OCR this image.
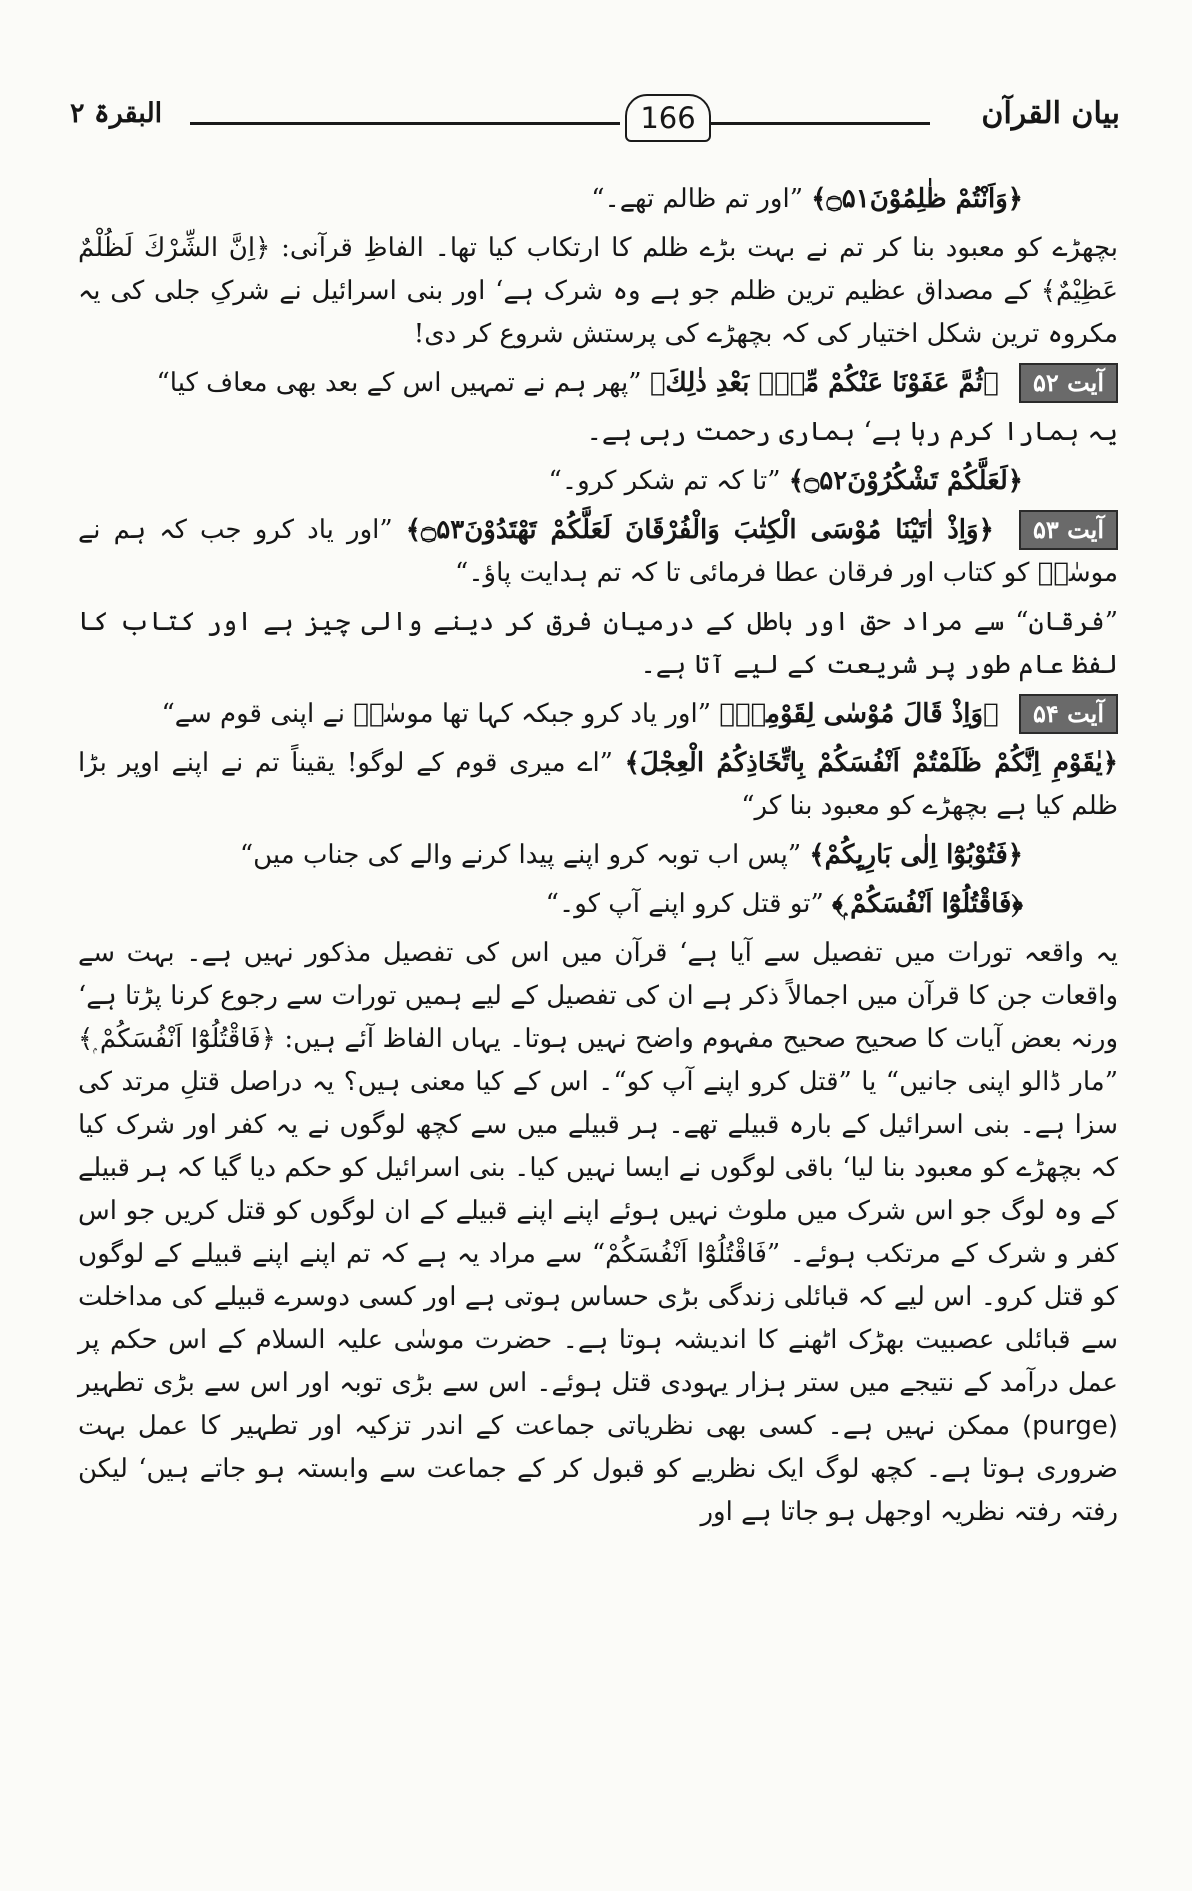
البقرۃ ۲	166	بیان القرآن

﴿وَاَنْتُمْ ظٰلِمُوْنَ۝۵۱﴾ ”اور تم ظالم تھے۔“

بچھڑے کو معبود بنا کر تم نے بہت بڑے ظلم کا ارتکاب کیا تھا۔ الفاظِ قرآنی: ﴿اِنَّ الشِّرْكَ لَظُلْمٌ عَظِيْمٌ﴾ کے مصداق عظیم ترین ظلم جو ہے وہ شرک ہے‘ اور بنی اسرائیل نے شرکِ جلی کی یہ مکروہ ترین شکل اختیار کی کہ بچھڑے کی پرستش شروع کر دی!

آیت ۵۲ ﴿ثُمَّ عَفَوْنَا عَنْكُمْ مِّنْۢ بَعْدِ ذٰلِكَ﴾ ”پھر ہم نے تمہیں اس کے بعد بھی معاف کیا“

یہ ہمارا کرم رہا ہے‘ ہماری رحمت رہی ہے۔

﴿لَعَلَّكُمْ تَشْكُرُوْنَ۝۵۲﴾ ”تا کہ تم شکر کرو۔“

آیت ۵۳ ﴿وَاِذْ اٰتَيْنَا مُوْسَى الْكِتٰبَ وَالْفُرْقَانَ لَعَلَّكُمْ تَهْتَدُوْنَ۝۵۳﴾ ”اور یاد کرو جب کہ ہم نے موسٰیؑ کو کتاب اور فرقان عطا فرمائی تا کہ تم ہدایت پاؤ۔“

”فرقان“ سے مراد حق اور باطل کے درمیان فرق کر دینے والی چیز ہے اور کتاب کا لفظ عام طور پر شریعت کے لیے آتا ہے۔

آیت ۵۴ ﴿وَاِذْ قَالَ مُوْسٰى لِقَوْمِهٖ﴾ ”اور یاد کرو جبکہ کہا تھا موسٰیؑ نے اپنی قوم سے“

﴿يٰقَوْمِ اِنَّكُمْ ظَلَمْتُمْ اَنْفُسَكُمْ بِاتِّخَاذِكُمُ الْعِجْلَ﴾ ”اے میری قوم کے لوگو! یقیناً تم نے اپنے اوپر بڑا ظلم کیا ہے بچھڑے کو معبود بنا کر“

﴿فَتُوْبُوْٓا اِلٰى بَارِىِٕكُمْ﴾ ”پس اب توبہ کرو اپنے پیدا کرنے والے کی جناب میں“

﴿فَاقْتُلُوْٓا اَنْفُسَكُمْ ۭ﴾ ”تو قتل کرو اپنے آپ کو۔“

یہ واقعہ تورات میں تفصیل سے آیا ہے‘ قرآن میں اس کی تفصیل مذکور نہیں ہے۔ بہت سے واقعات جن کا قرآن میں اجمالاً ذکر ہے ان کی تفصیل کے لیے ہمیں تورات سے رجوع کرنا پڑتا ہے‘ ورنہ بعض آیات کا صحیح صحیح مفہوم واضح نہیں ہوتا۔ یہاں الفاظ آئے ہیں: ﴿فَاقْتُلُوْٓا اَنْفُسَكُمْ ۭ﴾ ”مار ڈالو اپنی جانیں“ یا ”قتل کرو اپنے آپ کو“۔ اس کے کیا معنی ہیں؟ یہ دراصل قتلِ مرتد کی سزا ہے۔ بنی اسرائیل کے بارہ قبیلے تھے۔ ہر قبیلے میں سے کچھ لوگوں نے یہ کفر اور شرک کیا کہ بچھڑے کو معبود بنا لیا‘ باقی لوگوں نے ایسا نہیں کیا۔ بنی اسرائیل کو حکم دیا گیا کہ ہر قبیلے کے وہ لوگ جو اس شرک میں ملوث نہیں ہوئے اپنے اپنے قبیلے کے ان لوگوں کو قتل کریں جو اس کفر و شرک کے مرتکب ہوئے۔ ”فَاقْتُلُوْٓا اَنْفُسَكُمْ“ سے مراد یہ ہے کہ تم اپنے اپنے قبیلے کے لوگوں کو قتل کرو۔ اس لیے کہ قبائلی زندگی بڑی حساس ہوتی ہے اور کسی دوسرے قبیلے کی مداخلت سے قبائلی عصبیت بھڑک اٹھنے کا اندیشہ ہوتا ہے۔ حضرت موسٰی علیہ السلام کے اس حکم پر عمل درآمد کے نتیجے میں ستر ہزار یہودی قتل ہوئے۔ اس سے بڑی توبہ اور اس سے بڑی تطہیر (purge) ممکن نہیں ہے۔ کسی بھی نظریاتی جماعت کے اندر تزکیہ اور تطہیر کا عمل بہت ضروری ہوتا ہے۔ کچھ لوگ ایک نظریے کو قبول کر کے جماعت سے وابستہ ہو جاتے ہیں‘ لیکن رفتہ رفتہ نظریہ اوجھل ہو جاتا ہے اور
